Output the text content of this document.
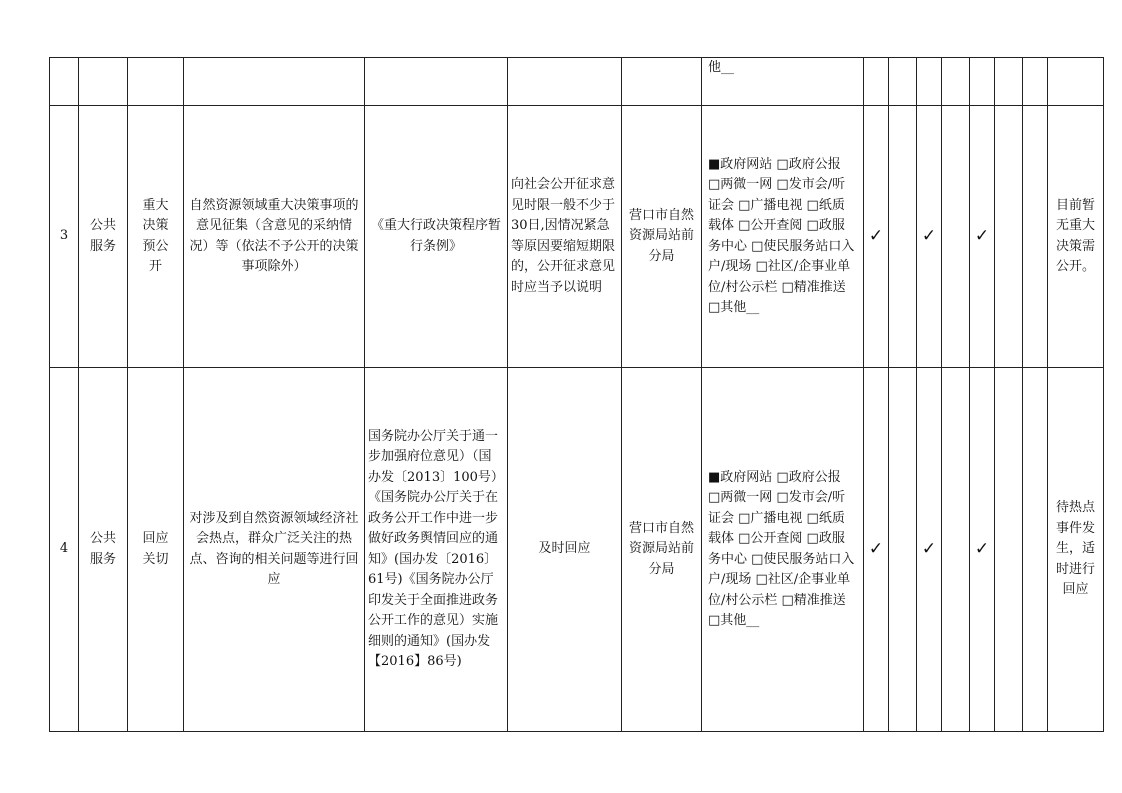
							他__								

3	公共
服务	重大
决策
预公
开	自然资源领域重大决策事项的意见征集（含意见的采纳情况）等（依法不予公开的决策事项除外）	《重大行政决策程序暂行条例》	向社会公开征求意见时限一般不少于30日,因情况紧急等原因要缩短期限的，公开征求意见时应当予以说明	营口市自然资源局站前分局	■政府网站 □政府公报 □两微一网 □发市会/听证会 □广播电视 □纸质载体 □公开查阅 □政服务中心 □使民服务站口入户/现场 □社区/企事业单位/村公示栏 □精准推送 □其他__	✓		✓		✓			目前暂无重大决策需公开。
4	公共
服务	回应
关切	对涉及到自然资源领域经济社会热点，群众广泛关注的热点、咨询的相关问题等进行回应	国务院办公厅关于通一步加强府位意见）（国办发〔2013〕100号）《国务院办公厅关于在政务公开工作中进一步做好政务舆情回应的通知》(国办发〔2016〕61号)《国务院办公厅印发关于全面推进政务公开工作的意见）实施细则的通知》(国办发【2016】86号)	及时回应	营口市自然资源局站前分局	■政府网站 □政府公报 □两微一网 □发市会/听证会 □广播电视 □纸质载体 □公开查阅 □政服务中心 □使民服务站口入户/现场 □社区/企事业单位/村公示栏 □精准推送 □其他__	✓		✓		✓			待热点事件发生，适时进行回应
